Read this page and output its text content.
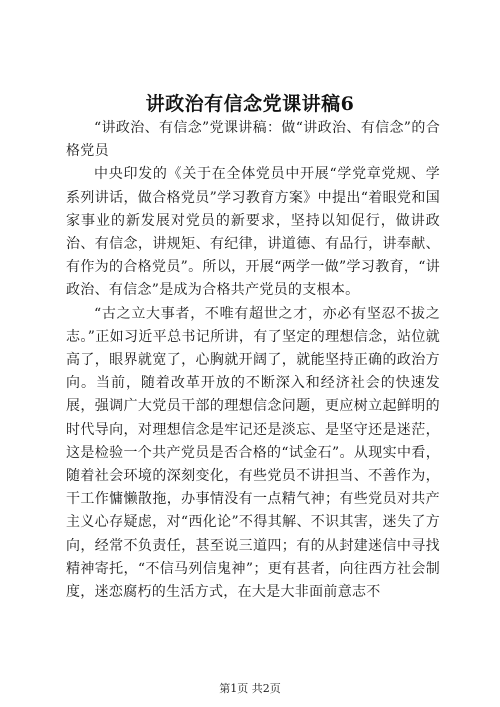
讲政治有信念党课讲稿6

“讲政治、有信念”党课讲稿：做“讲政治、有信念”的合格党员

中央印发的《关于在全体党员中开展“学党章党规、学系列讲话，做合格党员”学习教育方案》中提出“着眼党和国家事业的新发展对党员的新要求，坚持以知促行，做讲政治、有信念，讲规矩、有纪律，讲道德、有品行，讲奉献、有作为的合格党员”。所以，开展“两学一做”学习教育，“讲政治、有信念”是成为合格共产党员的支根本。

“古之立大事者，不唯有超世之才，亦必有坚忍不拔之志。”正如习近平总书记所讲，有了坚定的理想信念，站位就高了，眼界就宽了，心胸就开阔了，就能坚持正确的政治方向。当前，随着改革开放的不断深入和经济社会的快速发展，强调广大党员干部的理想信念问题，更应树立起鲜明的时代导向，对理想信念是牢记还是淡忘、是坚守还是迷茫，这是检验一个共产党员是否合格的“试金石”。从现实中看，随着社会环境的深刻变化，有些党员不讲担当、不善作为，干工作慵懒散拖，办事情没有一点精气神；有些党员对共产主义心存疑虑，对“西化论”不得其解、不识其害，迷失了方向，经常不负责任，甚至说三道四；有的从封建迷信中寻找精神寄托，“不信马列信鬼神”；更有甚者，向往西方社会制度，迷恋腐朽的生活方式，在大是大非面前意志不

第1页 共2页
